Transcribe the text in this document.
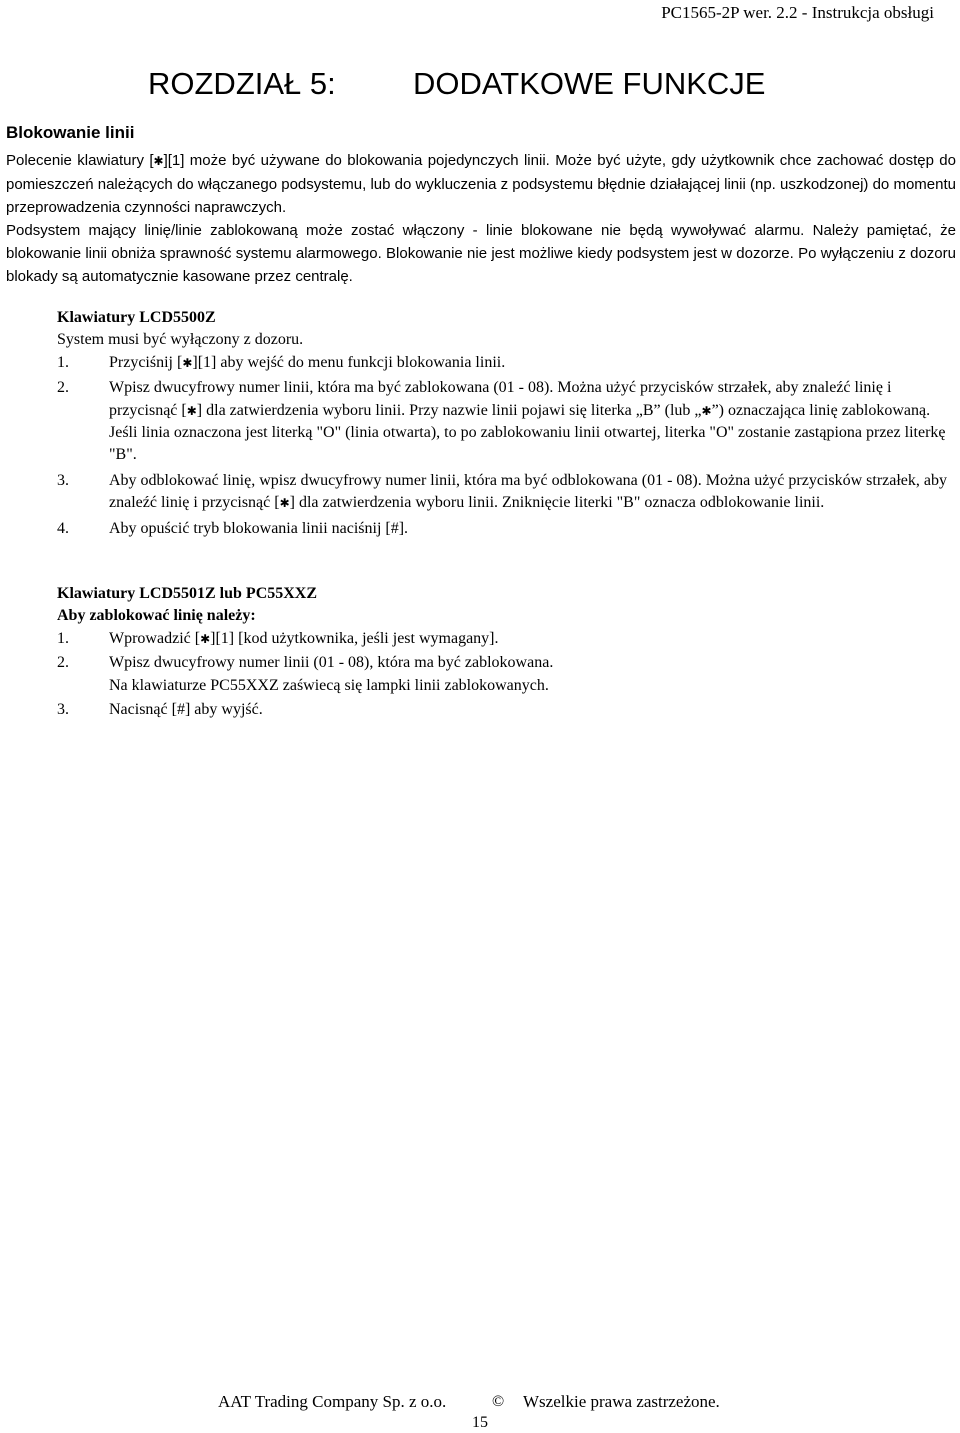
PC1565-2P wer. 2.2 - Instrukcja obsługi
ROZDZIAŁ 5: DODATKOWE FUNKCJE
Blokowanie linii

Polecenie klawiatury [✱][1] może być używane do blokowania pojedynczych linii. Może być użyte, gdy użytkownik chce zachować dostęp do pomieszczeń należących do włączanego podsystemu, lub do wykluczenia z podsystemu błędnie działającej linii (np. uszkodzonej) do momentu przeprowadzenia czynności naprawczych.

Podsystem mający linię/linie zablokowaną może zostać włączony - linie blokowane nie będą wywoływać alarmu. Należy pamiętać, że blokowanie linii obniża sprawność systemu alarmowego. Blokowanie nie jest możliwe kiedy podsystem jest w dozorze. Po wyłączeniu z dozoru blokady są automatycznie kasowane przez centralę.

Klawiatury LCD5500Z

System musi być wyłączony z dozoru.

1.	Przyciśnij [✱][1] aby wejść do menu funkcji blokowania linii.
2.	Wpisz dwucyfrowy numer linii, która ma być zablokowana (01 - 08). Można użyć przycisków strzałek, aby znaleźć linię i przycisnąć [✱] dla zatwierdzenia wyboru linii. Przy nazwie linii pojawi się literka „B” (lub „✱”) oznaczająca linię zablokowaną. Jeśli linia oznaczona jest literką "O" (linia otwarta), to po zablokowaniu linii otwartej, literka "O" zostanie zastąpiona przez literkę "B".
3.	Aby odblokować linię, wpisz dwucyfrowy numer linii, która ma być odblokowana (01 - 08). Można użyć przycisków strzałek, aby znaleźć linię i przycisnąć [✱] dla zatwierdzenia wyboru linii. Zniknięcie literki "B" oznacza odblokowanie linii.
4.	Aby opuścić tryb blokowania linii naciśnij [#].

Klawiatury LCD5501Z lub PC55XXZ

Aby zablokować linię należy:

1.	Wprowadzić [✱][1] [kod użytkownika, jeśli jest wymagany].
2.	Wpisz dwucyfrowy numer linii (01 - 08), która ma być zablokowana.
Na klawiaturze PC55XXZ zaświecą się lampki linii zablokowanych.
3.	Nacisnąć [#] aby wyjść.
AAT Trading Company Sp. z o.o.	© Wszelkie prawa zastrzeżone.
15
